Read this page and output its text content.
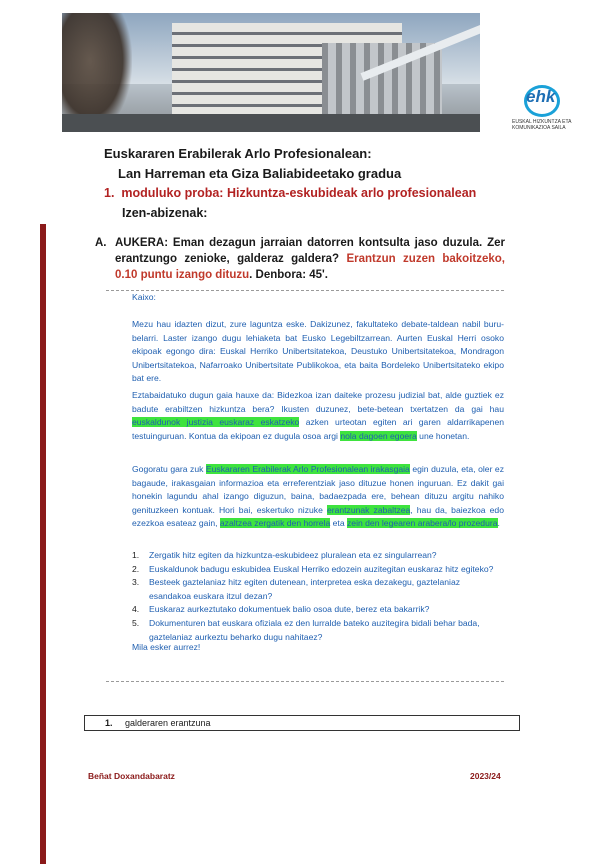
ehk
EUSKAL HIZKUNTZA ETA
KOMUNIKAZIOA SAILA
Euskararen Erabilerak Arlo Profesionalean:
Lan Harreman eta Giza Baliabideetako gradua
1. moduluko proba: Hizkuntza-eskubideak arlo profesionalean
Izen-abizenak:
A. AUKERA: Eman dezagun jarraian datorren kontsulta jaso duzula. Zer erantzungo zenioke, galderaz galdera? Erantzun zuzen bakoitzeko, 0.10 puntu izango dituzu. Denbora: 45'.

Kaixo:

Mezu hau idazten dizut, zure laguntza eske. Dakizunez, fakultateko debate-taldean nabil buru-belarri. Laster izango dugu lehiaketa bat Eusko Legebiltzarrean. Aurten Euskal Herri osoko ekipoak egongo dira: Euskal Herriko Unibertsitatekoa, Deustuko Unibertsitatekoa, Mondragon Unibertsitatekoa, Nafarroako Unibertsitate Publikokoa, eta baita Bordeleko Unibertsitateko ekipo bat ere.

Eztabaidatuko dugun gaia hauxe da: Bidezkoa izan daiteke prozesu judizial bat, alde guztiek ez badute erabiltzen hizkuntza bera? Ikusten duzunez, bete-betean txertatzen da gai hau euskaldunok justizia euskaraz eskatzeko azken urteotan egiten ari garen aldarrikapenen testuinguruan. Kontua da ekipoan ez dugula osoa argi nola dagoen egoera une honetan.

Gogoratu gara zuk Euskararen Erabilerak Arlo Profesionalean irakasgaia egin duzula, eta, oler ez bagaude, irakasgaian informazioa eta erreferentziak jaso dituzue honen inguruan. Ez dakit gai honekin lagundu ahal izango diguzun, baina, badaezpada ere, behean dituzu argitu nahiko genituzkeen kontuak. Hori bai, eskertuko nizuke erantzunak zabaltzea, hau da, baiezkoa edo ezezkoa esateaz gain, azaltzea zergatik den horrela eta zein den legearen arabera/lo prozedura.

1. Zergatik hitz egiten da hizkuntza-eskubideez pluralean eta ez singularrean?
2. Euskaldunok badugu eskubidea Euskal Herriko edozein auzitegitan euskaraz hitz egiteko?
3. Besteek gaztelaniaz hitz egiten dutenean, interpretea eska dezakegu, gaztelaniaz esandakoa euskara itzul dezan?
4. Euskaraz aurkeztutako dokumentuek balio osoa dute, berez eta bakarrik?
5. Dokumenturen bat euskara ofiziala ez den lurralde bateko auzitegira bidali behar bada, gaztelaniaz aurkeztu beharko dugu nahitaez?

Mila esker aurrez!

1. galderaren erantzuna
Beñat Doxandabaratz	2023/24
